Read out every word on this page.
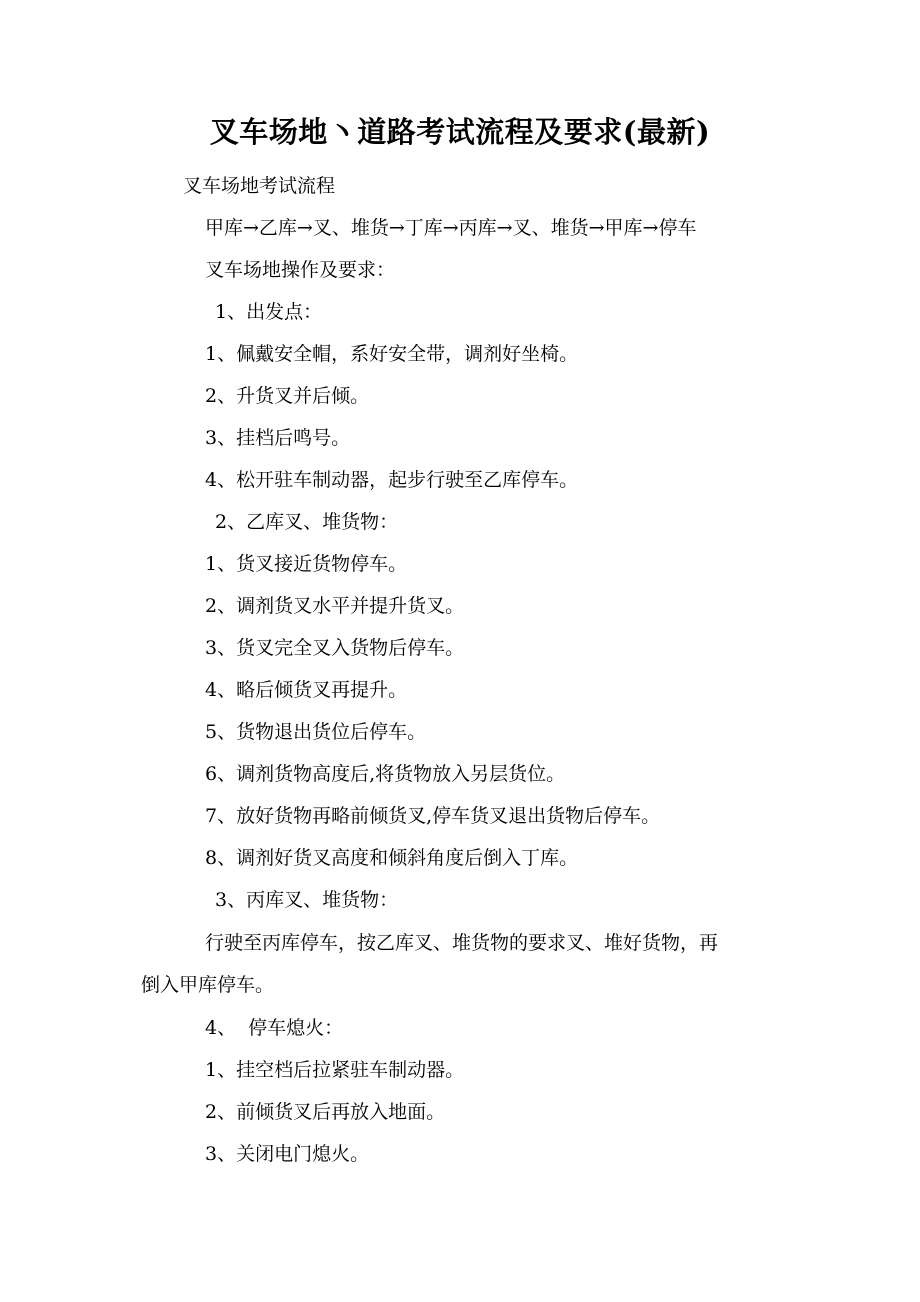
叉车场地丶道路考试流程及要求(最新)
叉车场地考试流程
甲库→乙库→叉、堆货→丁库→丙库→叉、堆货→甲库→停车
叉车场地操作及要求：
1、出发点：
1、佩戴安全帽，系好安全带，调剂好坐椅。
2、升货叉并后倾。
3、挂档后鸣号。
4、松开驻车制动器，起步行驶至乙库停车。
2、乙库叉、堆货物：
1、货叉接近货物停车。
2、调剂货叉水平并提升货叉。
3、货叉完全叉入货物后停车。
4、略后倾货叉再提升。
5、货物退出货位后停车。
6、调剂货物高度后,将货物放入另层货位。
7、放好货物再略前倾货叉,停车货叉退出货物后停车。
8、调剂好货叉高度和倾斜角度后倒入丁库。
3、丙库叉、堆货物：
行驶至丙库停车，按乙库叉、堆货物的要求叉、堆好货物，再
倒入甲库停车。
4、  停车熄火：
1、挂空档后拉紧驻车制动器。
2、前倾货叉后再放入地面。
3、关闭电门熄火。
